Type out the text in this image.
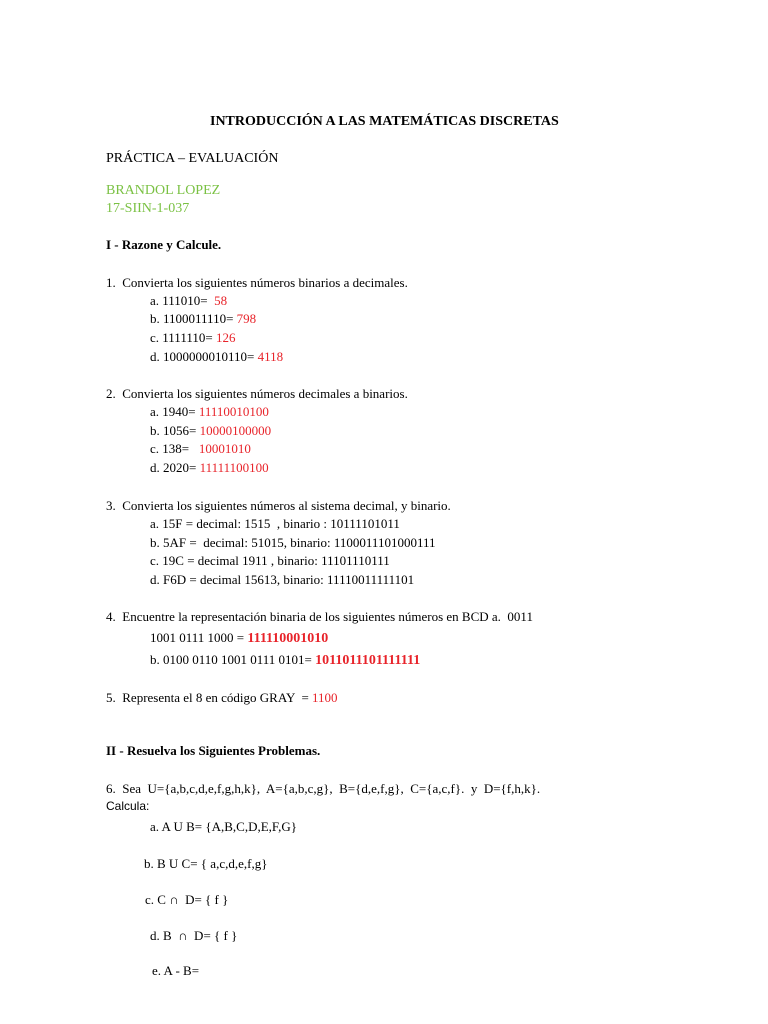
INTRODUCCIÓN A LAS MATEMÁTICAS DISCRETAS
PRÁCTICA – EVALUACIÓN
BRANDOL LOPEZ
17-SIIN-1-037
I - Razone y Calcule.
1.  Convierta los siguientes números binarios a decimales.
a. 111010=  58
b. 1100011110= 798
c. 1111110= 126
d. 1000000010110= 4118
2.  Convierta los siguientes números decimales a binarios.
a. 1940= 11110010100
b. 1056= 10000100000
c. 138=   10001010
d. 2020= 11111100100
3.  Convierta los siguientes números al sistema decimal, y binario.
a. 15F = decimal: 1515  , binario : 10111101011
b. 5AF =  decimal: 51015, binario: 1100011101000111
c. 19C = decimal 1911 , binario: 11101110111
d. F6D = decimal 15613, binario: 11110011111101
4.  Encuentre la representación binaria de los siguientes números en BCD a.  0011
1001 0111 1000 = 111110001010
b. 0100 0110 1001 0111 0101= 1011011101111111
5.  Representa el 8 en código GRAY  = 1100
II - Resuelva los Siguientes Problemas.
6.  Sea  U={a,b,c,d,e,f,g,h,k},  A={a,b,c,g},  B={d,e,f,g},  C={a,c,f}.  y  D={f,h,k}.
Calcula:
a. A U B= {A,B,C,D,E,F,G}
b. B U C= { a,c,d,e,f,g}
c. C ∩  D= { f }
d. B  ∩  D= { f }
e. A - B=
